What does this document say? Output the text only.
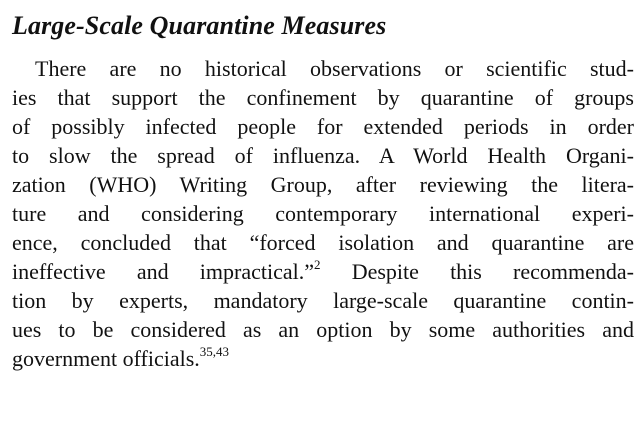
Large-Scale Quarantine Measures

There are no historical observations or scientific stud-
ies that support the confinement by quarantine of groups
of possibly infected people for extended periods in order
to slow the spread of influenza. A World Health Organi-
zation (WHO) Writing Group, after reviewing the litera-
ture and considering contemporary international experi-
ence, concluded that “forced isolation and quarantine are
ineffective and impractical.”$^2$ Despite this recommenda-
tion by experts, mandatory large-scale quarantine contin-
ues to be considered as an option by some authorities and
government officials.$^{35,43}$
